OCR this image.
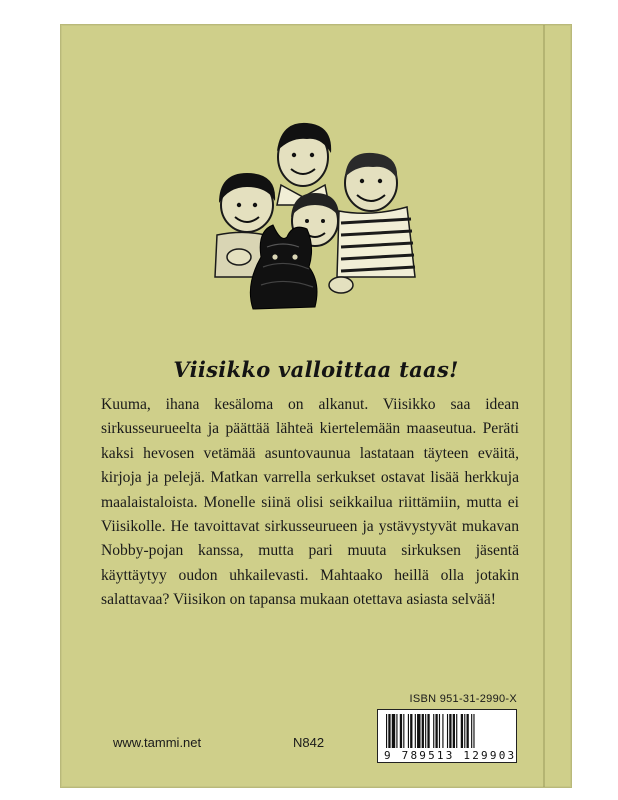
Viisikko valloittaa taas!
Kuuma, ihana kesäloma on alkanut. Viisikko saa idean sirkusseurueelta ja päättää lähteä kiertelemään maaseutua. Peräti kaksi hevosen vetämää asuntovaunua lastataan täyteen eväitä, kirjoja ja pelejä. Matkan varrella serkukset ostavat lisää herkkuja maalaistaloista. Monelle siinä olisi seikkailua riittämiin, mutta ei Viisikolle. He tavoittavat sirkusseurueen ja ystävystyvät mukavan Nobby-pojan kanssa, mutta pari muuta sirkuksen jäsentä käyttäytyy oudon uhkailevasti. Mahtaako heillä olla jotakin salattavaa? Viisikon on tapansa mukaan otettava asiasta selvää!
ISBN 951-31-2990-X
9 789513 129903
www.tammi.net	N842
